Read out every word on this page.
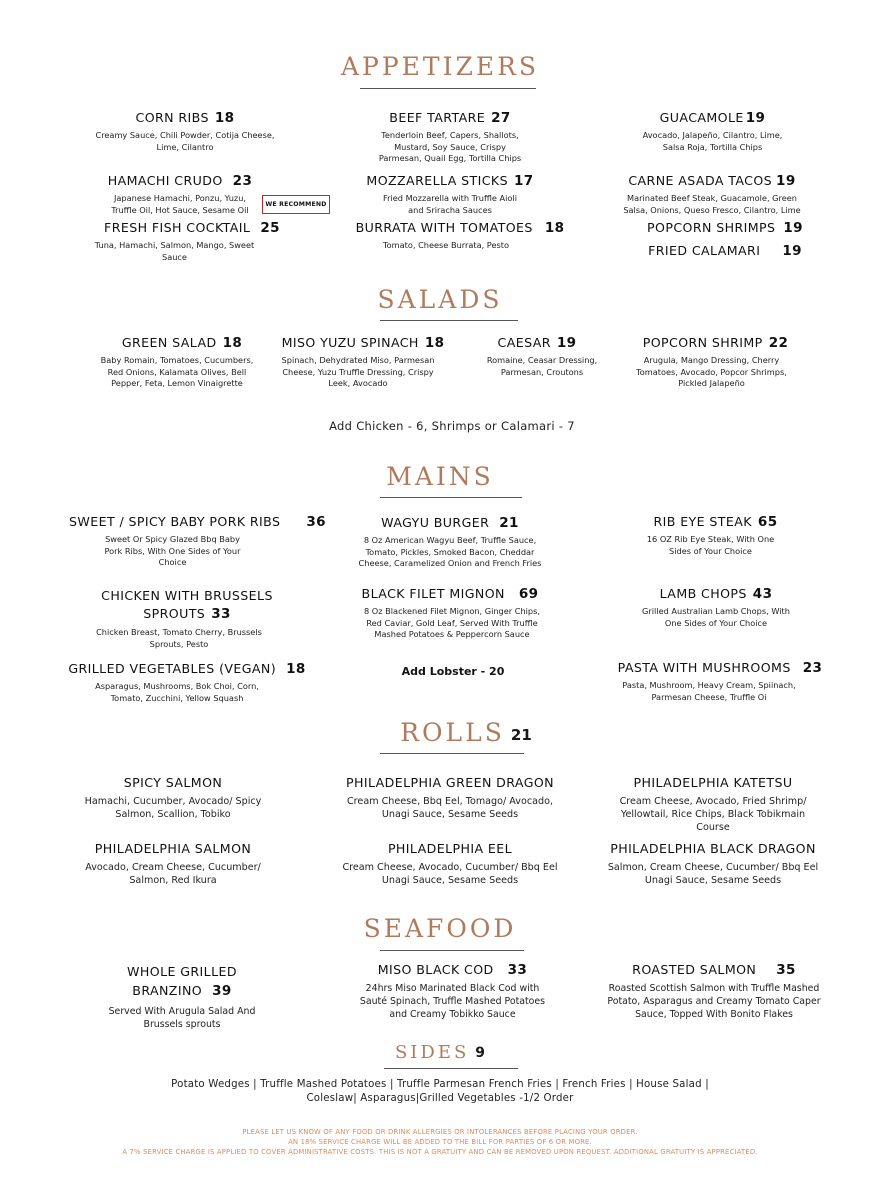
APPETIZERS
CORN RIBS 18
Creamy Sauce, Chili Powder, Cotija Cheese, Lime, Cilantro
BEEF TARTARE 27
Tenderloin Beef, Capers, Shallots, Mustard, Soy Sauce, Crispy Parmesan, Quail Egg, Tortilla Chips
GUACAMOLE 19
Avocado, Jalapeño, Cilantro, Lime, Salsa Roja, Tortilla Chips
HAMACHI CRUDO 23
Japanese Hamachi, Ponzu, Yuzu, Truffle Oil, Hot Sauce, Sesame Oil	WE RECOMMEND
MOZZARELLA STICKS 17
Fried Mozzarella with Truffle Aioli and Sriracha Sauces
CARNE ASADA TACOS 19
Marinated Beef Steak, Guacamole, Green Salsa, Onions, Queso Fresco, Cilantro, Lime
FRESH FISH COCKTAIL 25
Tuna, Hamachi, Salmon, Mango, Sweet Sauce
BURRATA WITH TOMATOES 18
Tomato, Cheese Burrata, Pesto
POPCORN SHRIMPS 19
FRIED CALAMARI 19
SALADS
GREEN SALAD 18
Baby Romain, Tomatoes, Cucumbers, Red Onions, Kalamata Olives, Bell Pepper, Feta, Lemon Vinaigrette
MISO YUZU SPINACH 18
Spinach, Dehydrated Miso, Parmesan Cheese, Yuzu Truffle Dressing, Crispy Leek, Avocado
CAESAR 19
Romaine, Ceasar Dressing, Parmesan, Croutons
POPCORN SHRIMP 22
Arugula, Mango Dressing, Cherry Tomatoes, Avocado, Popcor Shrimps, Pickled Jalapeño
Add Chicken - 6, Shrimps or Calamari - 7
MAINS
SWEET / SPICY BABY PORK RIBS 36
Sweet Or Spicy Glazed Bbq Baby Pork Ribs, With One Sides of Your Choice
WAGYU BURGER 21
8 Oz American Wagyu Beef, Truffle Sauce, Tomato, Pickles, Smoked Bacon, Cheddar Cheese, Caramelized Onion and French Fries
RIB EYE STEAK 65
16 OZ Rib Eye Steak, With One Sides of Your Choice
CHICKEN WITH BRUSSELS SPROUTS 33
Chicken Breast, Tomato Cherry, Brussels Sprouts, Pesto
BLACK FILET MIGNON 69
8 Oz Blackened Filet Mignon, Ginger Chips, Red Caviar, Gold Leaf, Served With Truffle Mashed Potatoes & Peppercorn Sauce
LAMB CHOPS 43
Grilled Australian Lamb Chops, With One Sides of Your Choice
GRILLED VEGETABLES (VEGAN) 18
Asparagus, Mushrooms, Bok Choi, Corn, Tomato, Zucchini, Yellow Squash
Add Lobster - 20	PASTA WITH MUSHROOMS 23
Pasta, Mushroom, Heavy Cream, Spiinach, Parmesan Cheese, Truffle Oi
ROLLS 21
SPICY SALMON
Hamachi, Cucumber, Avocado/ Spicy Salmon, Scallion, Tobiko
PHILADELPHIA GREEN DRAGON
Cream Cheese, Bbq Eel, Tomago/ Avocado, Unagi Sauce, Sesame Seeds
PHILADELPHIA KATETSU
Cream Cheese, Avocado, Fried Shrimp/ Yellowtail, Rice Chips, Black Tobikmain Course
PHILADELPHIA SALMON
Avocado, Cream Cheese, Cucumber/ Salmon, Red Ikura
PHILADELPHIA EEL
Cream Cheese, Avocado, Cucumber/ Bbq Eel Unagi Sauce, Sesame Seeds
PHILADELPHIA BLACK DRAGON
Salmon, Cream Cheese, Cucumber/ Bbq Eel Unagi Sauce, Sesame Seeds
SEAFOOD
WHOLE GRILLED BRANZINO 39
Served With Arugula Salad And Brussels sprouts
MISO BLACK COD 33
24hrs Miso Marinated Black Cod with Sauté Spinach, Truffle Mashed Potatoes and Creamy Tobikko Sauce
ROASTED SALMON 35
Roasted Scottish Salmon with Truffle Mashed Potato, Asparagus and Creamy Tomato Caper Sauce, Topped With Bonito Flakes
SIDES 9
Potato Wedges | Truffle Mashed Potatoes | Truffle Parmesan French Fries | French Fries | House Salad |
Coleslaw| Asparagus|Grilled Vegetables -1/2 Order
PLEASE LET US KNOW OF ANY FOOD OR DRINK ALLERGIES OR INTOLERANCES BEFORE PLACING YOUR ORDER.
AN 18% SERVICE CHARGE WILL BE ADDED TO THE BILL FOR PARTIES OF 6 OR MORE.
A 7% SERVICE CHARGE IS APPLIED TO COVER ADMINISTRATIVE COSTS. THIS IS NOT A GRATUITY AND CAN BE REMOVED UPON REQUEST. ADDITIONAL GRATUITY IS APPRECIATED.
